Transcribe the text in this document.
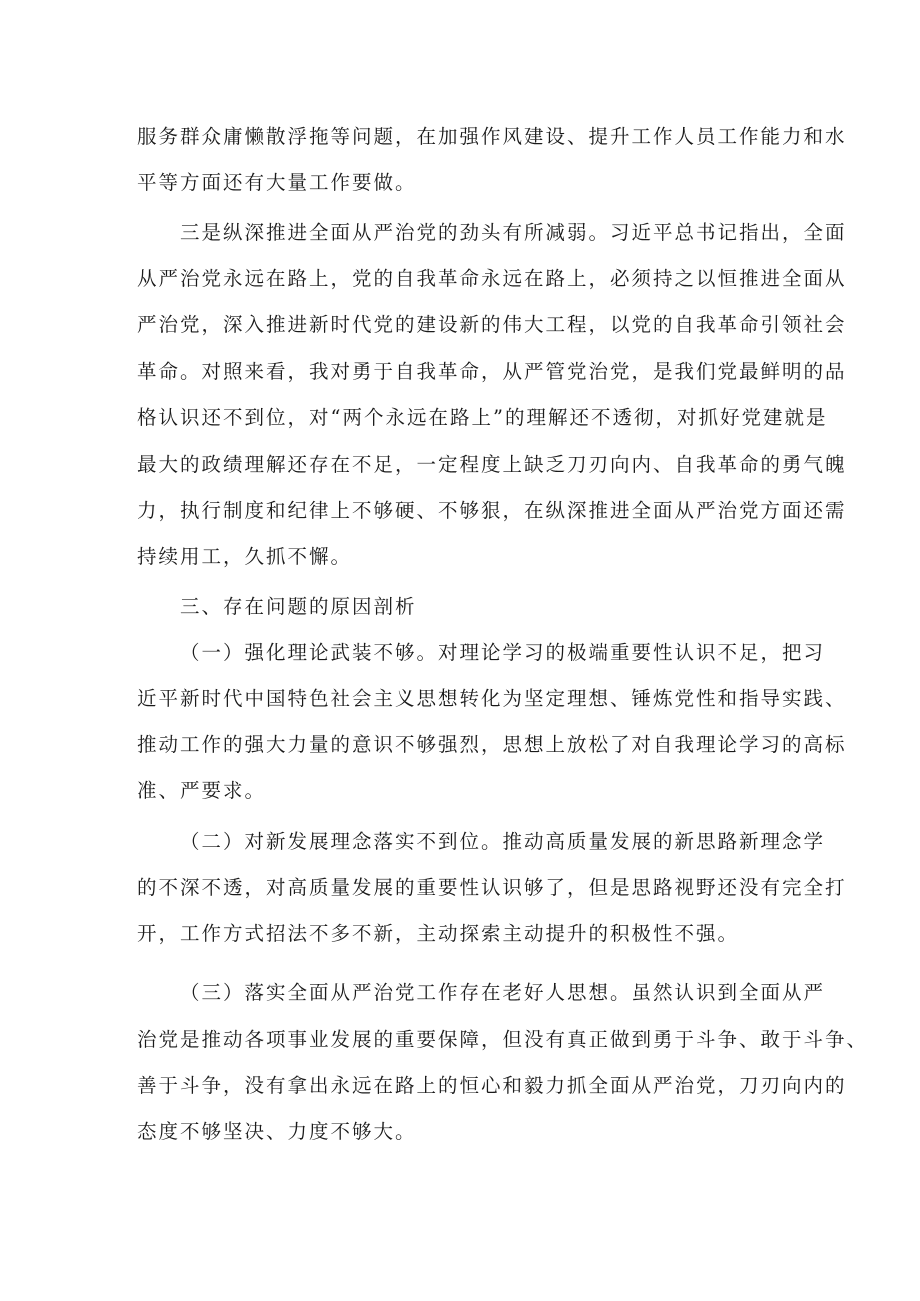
服务群众庸懒散浮拖等问题，在加强作风建设、提升工作人员工作能力和水
平等方面还有大量工作要做。
三是纵深推进全面从严治党的劲头有所减弱。习近平总书记指出，全面
从严治党永远在路上，党的自我革命永远在路上，必须持之以恒推进全面从
严治党，深入推进新时代党的建设新的伟大工程，以党的自我革命引领社会
革命。对照来看，我对勇于自我革命，从严管党治党，是我们党最鲜明的品
格认识还不到位，对“两个永远在路上”的理解还不透彻，对抓好党建就是
最大的政绩理解还存在不足，一定程度上缺乏刀刃向内、自我革命的勇气魄
力，执行制度和纪律上不够硬、不够狠，在纵深推进全面从严治党方面还需
持续用工，久抓不懈。
三、存在问题的原因剖析
（一）强化理论武装不够。对理论学习的极端重要性认识不足，把习
近平新时代中国特色社会主义思想转化为坚定理想、锤炼党性和指导实践、
推动工作的强大力量的意识不够强烈，思想上放松了对自我理论学习的高标
准、严要求。
（二）对新发展理念落实不到位。推动高质量发展的新思路新理念学
的不深不透，对高质量发展的重要性认识够了，但是思路视野还没有完全打
开，工作方式招法不多不新，主动探索主动提升的积极性不强。
（三）落实全面从严治党工作存在老好人思想。虽然认识到全面从严
治党是推动各项事业发展的重要保障，但没有真正做到勇于斗争、敢于斗争、
善于斗争，没有拿出永远在路上的恒心和毅力抓全面从严治党，刀刃向内的
态度不够坚决、力度不够大。
